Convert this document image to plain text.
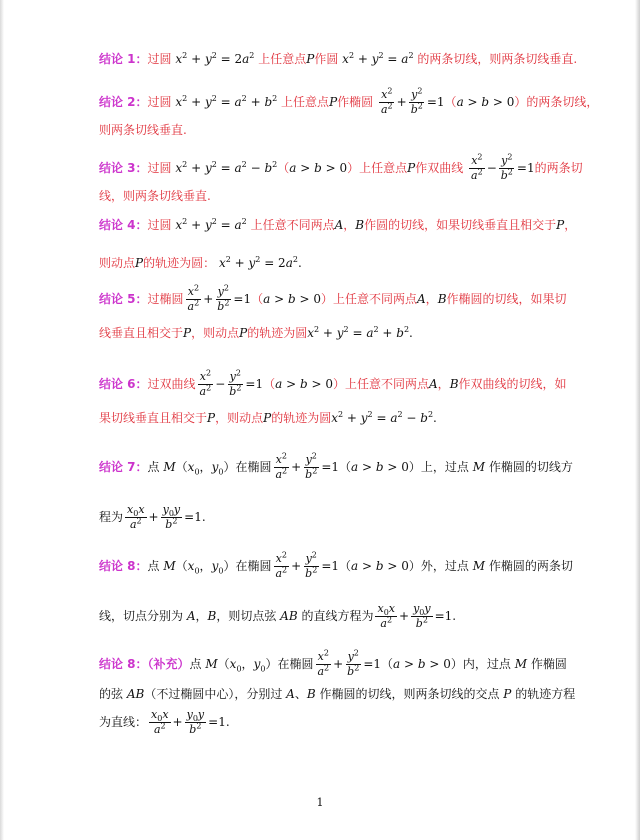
结论 1： 过圆 $x^2 + y^2 = 2a^2$ 上任意点 P 作圆 $x^2 + y^2 = a^2$ 的两条切线，则两条切线垂直.
结论 2： 过圆 $x^2 + y^2 = a^2 + b^2$ 上任意点 P 作椭圆
$\frac{x^2}{a^2} + \frac{y^2}{b^2} =1$ （ a > b > 0 ）的两条切线，
则两条切线垂直.
结论 3： 过圆 $x^2 + y^2 = a^2 - b^2$ （ a > b > 0 ）上任意点 P 作双曲线
$\frac{x^2}{a^2} - \frac{y^2}{b^2} =1$ 的两条切
线，则两条切线垂直.
结论 4： 过圆 $x^2 + y^2 = a^2$ 上任意不同两点 A ， B 作圆的切线，如果切线垂直且相交于 P ，
则动点 P 的轨迹为圆： $x^2 + y^2 = 2a^2$.
结论 5： 过椭圆 $\frac{x^2}{a^2} + \frac{y^2}{b^2} =1$ （ a > b > 0 ）上任意不同两点 A ， B 作椭圆的切线，如果切
线垂直且相交于 P ，则动点 P 的轨迹为圆 $x^2 + y^2 = a^2 + b^2$.
结论 6： 过双曲线 $\frac{x^2}{a^2} - \frac{y^2}{b^2} =1$ （ a > b > 0 ）上任意不同两点 A ， B 作双曲线的切线，如
果切线垂直且相交于 P ，则动点 P 的轨迹为圆 $x^2 + y^2 = a^2 - b^2$.
结论 7： 点 $M(x_0$，$y_0$）在椭圆 $\frac{x^2}{a^2} + \frac{y^2}{b^2} =1$ （a > b > 0）上，过点 M 作椭圆的切线方
程为 $\frac{x_0x}{a^2} + \frac{y_0y}{b^2} =1$.
结论 8： 点 $M(x_0$，$y_0$）在椭圆 $\frac{x^2}{a^2} + \frac{y^2}{b^2} =1$ （a > b > 0）外，过点 M 作椭圆的两条切
线，切点分别为 A，B，则切点弦 AB 的直线方程为 $\frac{x_0x}{a^2} + \frac{y_0y}{b^2} =1$.
结论 8：（补充） 点 $M(x_0$，$y_0$）在椭圆 $\frac{x^2}{a^2} + \frac{y^2}{b^2} =1$ （a > b > 0）内，过点 M 作椭圆
的弦 AB（不过椭圆中心），分别过 A、B 作椭圆的切线，则两条切线的交点 P 的轨迹方程
为直线： $\frac{x_0x}{a^2} + \frac{y_0y}{b^2} =1$.
1
